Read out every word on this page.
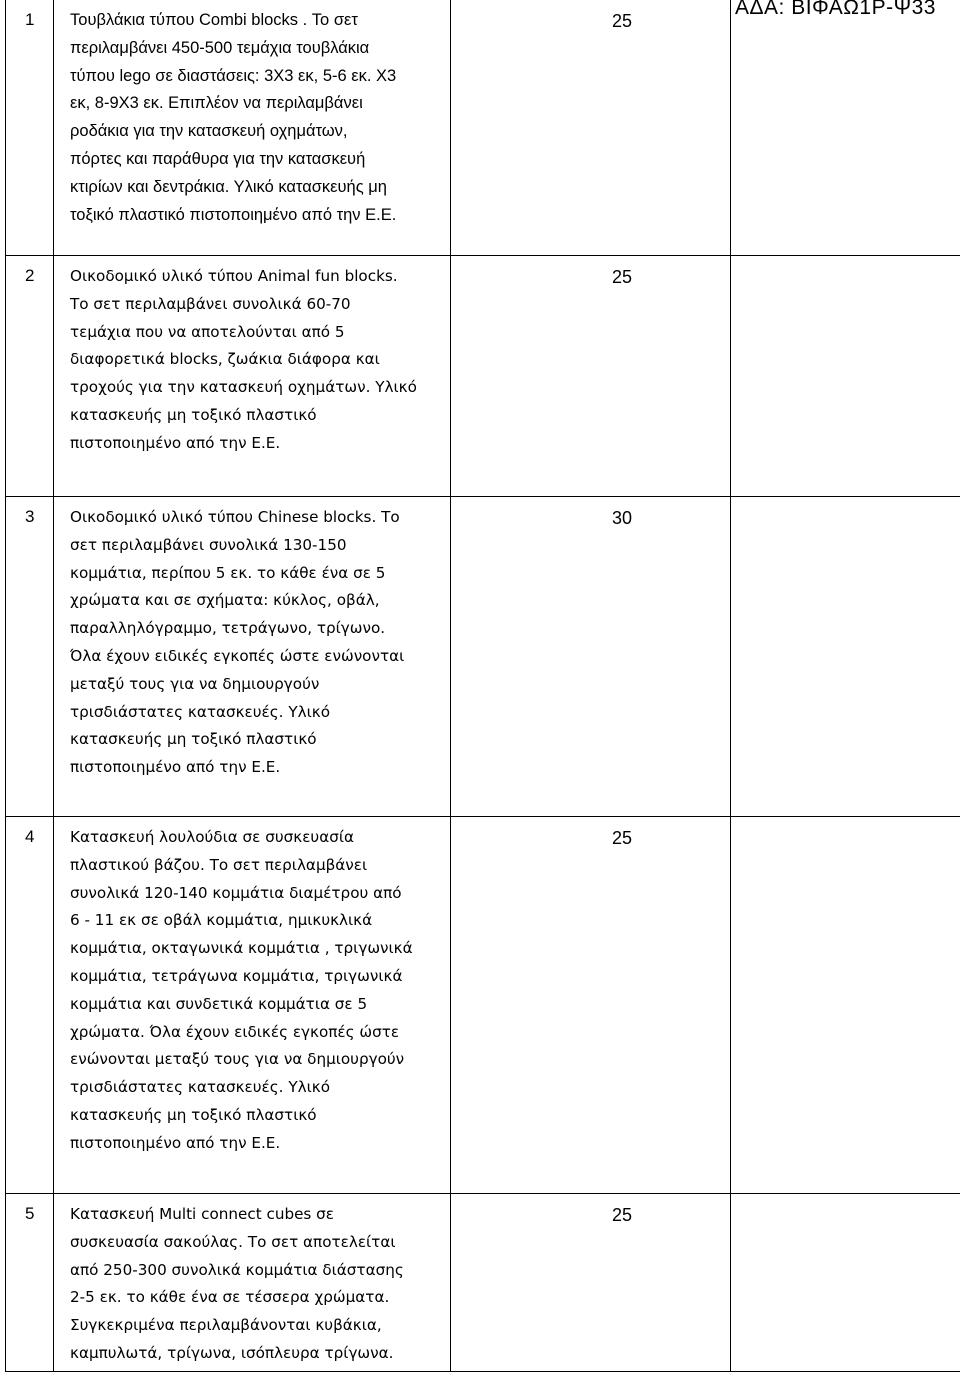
1 Τουβλάκια τύπου Combi blocks . Το σετ
περιλαμβάνει 450-500 τεμάχια τουβλάκια
τύπου lego σε διαστάσεις: 3X3 εκ, 5-6 εκ. X3
εκ, 8-9X3 εκ. Επιπλέον να περιλαμβάνει
ροδάκια για την κατασκευή οχημάτων,
πόρτες και παράθυρα για την κατασκευή
κτιρίων και δεντράκια. Υλικό κατασκευής μη
τοξικό πλαστικό πιστοποιημένο από την Ε.Ε.
25
ΑΔΑ: ΒΙΦΑΩ1Ρ-Ψ33
2 Οικοδομικό υλικό τύπου Animal fun blocks.
Το σετ περιλαμβάνει συνολικά 60-70
τεμάχια που να αποτελούνται από 5
διαφορετικά blocks, ζωάκια διάφορα και
τροχούς για την κατασκευή οχημάτων. Υλικό
κατασκευής μη τοξικό πλαστικό
πιστοποιημένο από την Ε.Ε.
25
3 Οικοδομικό υλικό τύπου Chinese blocks. Το
σετ περιλαμβάνει συνολικά 130-150
κομμάτια, περίπου 5 εκ. το κάθε ένα σε 5
χρώματα και σε σχήματα: κύκλος, οβάλ,
παραλληλόγραμμο, τετράγωνο, τρίγωνο.
Όλα έχουν ειδικές εγκοπές ώστε ενώνονται
μεταξύ τους για να δημιουργούν
τρισδιάστατες κατασκευές. Υλικό
κατασκευής μη τοξικό πλαστικό
πιστοποιημένο από την Ε.Ε.
30
4 Κατασκευή λουλούδια σε συσκευασία
πλαστικού βάζου. Το σετ περιλαμβάνει
συνολικά 120-140 κομμάτια διαμέτρου από
6 - 11 εκ σε οβάλ κομμάτια, ημικυκλικά
κομμάτια, οκταγωνικά κομμάτια , τριγωνικά
κομμάτια, τετράγωνα κομμάτια, τριγωνικά
κομμάτια και συνδετικά κομμάτια σε 5
χρώματα. Όλα έχουν ειδικές εγκοπές ώστε
ενώνονται μεταξύ τους για να δημιουργούν
τρισδιάστατες κατασκευές. Υλικό
κατασκευής μη τοξικό πλαστικό
πιστοποιημένο από την Ε.Ε.
25
5 Κατασκευή Multi connect cubes σε
συσκευασία σακούλας. Το σετ αποτελείται
από 250-300 συνολικά κομμάτια διάστασης
2-5 εκ. το κάθε ένα σε τέσσερα χρώματα.
Συγκεκριμένα περιλαμβάνονται κυβάκια,
καμπυλωτά, τρίγωνα, ισόπλευρα τρίγωνα.
25
